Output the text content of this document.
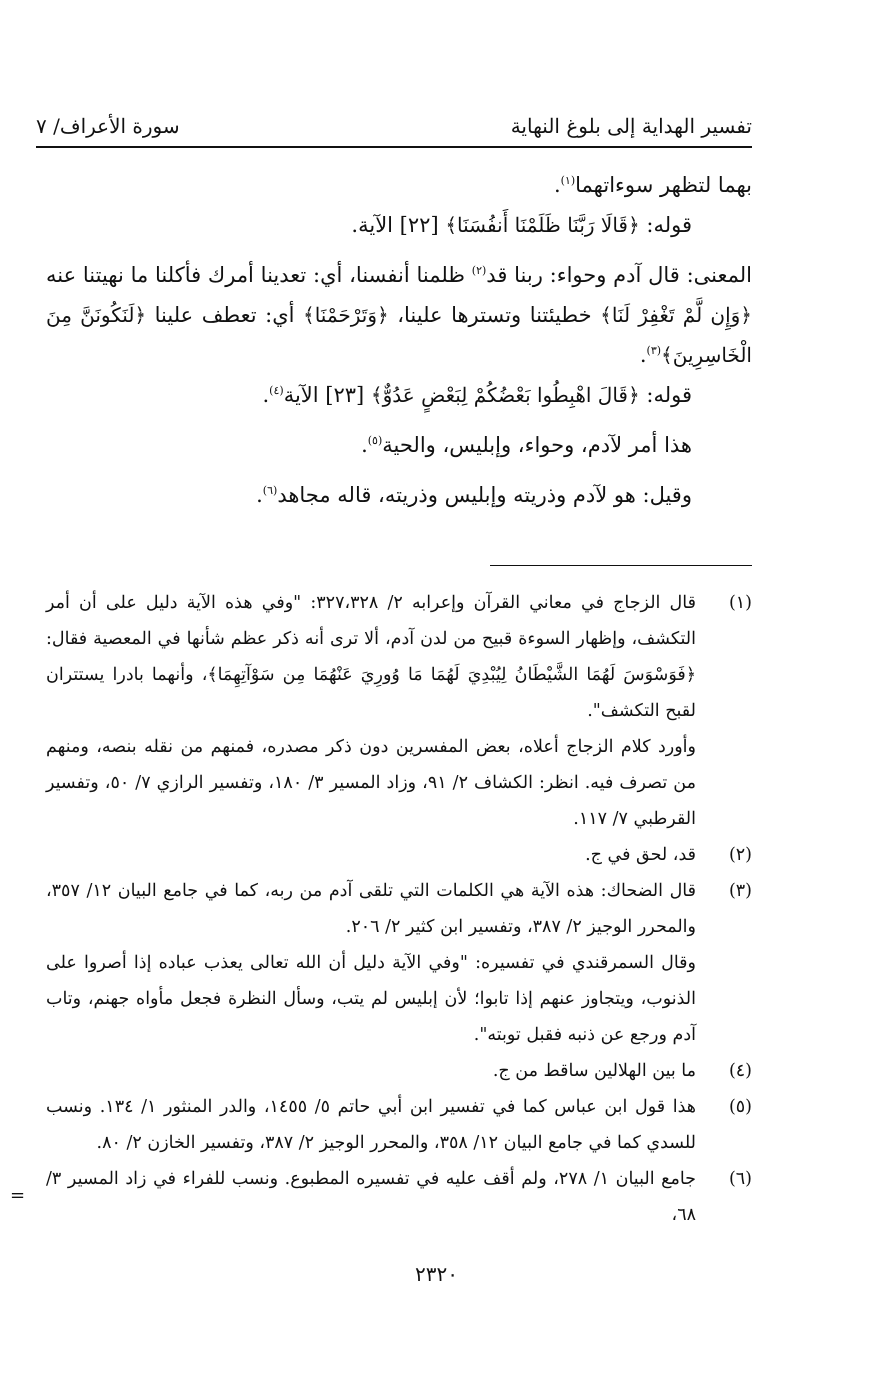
تفسير الهداية إلى بلوغ النهاية
سورة الأعراف/ ٧

بهما لتظهر سوءاتهما$^{(١)}$.

قوله: ﴿قَالَا رَبَّنَا ظَلَمْنَا أَنفُسَنَا﴾ [٢٢] الآية.

المعنى: قال آدم وحواء: ربنا قد$^{(٢)}$ ظلمنا أنفسنا، أي: تعدينا أمرك فأكلنا ما نهيتنا عنه ﴿وَإِن لَّمْ تَغْفِرْ لَنَا﴾ خطيئتنا وتسترها علينا، ﴿وَتَرْحَمْنَا﴾ أي: تعطف علينا ﴿لَنَكُونَنَّ مِنَ الْخَاسِرِينَ﴾$^{(٣)}$.

قوله: ﴿قَالَ اهْبِطُوا بَعْضُكُمْ لِبَعْضٍ عَدُوٌّ﴾ [٢٣] الآية$^{(٤)}$.

هذا أمر لآدم، وحواء، وإبليس، والحية$^{(٥)}$.

وقيل: هو لآدم وذريته وإبليس وذريته، قاله مجاهد$^{(٦)}$.

(١)

قال الزجاج في معاني القرآن وإعرابه ٢/ ٣٢٧،٣٢٨: "وفي هذه الآية دليل على أن أمر التكشف، وإظهار السوءة قبيح من لدن آدم، ألا ترى أنه ذكر عظم شأنها في المعصية فقال: ﴿فَوَسْوَسَ لَهُمَا الشَّيْطَانُ لِيُبْدِيَ لَهُمَا مَا وُورِيَ عَنْهُمَا مِن سَوْآتِهِمَا﴾، وأنهما بادرا يستتران لقبح التكشف".

وأورد كلام الزجاج أعلاه، بعض المفسرين دون ذكر مصدره، فمنهم من نقله بنصه، ومنهم من تصرف فيه. انظر: الكشاف ٢/ ٩١، وزاد المسير ٣/ ١٨٠، وتفسير الرازي ٧/ ٥٠، وتفسير القرطبي ٧/ ١١٧.

(٢)

قد، لحق في ج.

(٣)

قال الضحاك: هذه الآية هي الكلمات التي تلقى آدم من ربه، كما في جامع البيان ١٢/ ٣٥٧، والمحرر الوجيز ٢/ ٣٨٧، وتفسير ابن كثير ٢/ ٢٠٦.

وقال السمرقندي في تفسيره: "وفي الآية دليل أن الله تعالى يعذب عباده إذا أصروا على الذنوب، ويتجاوز عنهم إذا تابوا؛ لأن إبليس لم يتب، وسأل النظرة فجعل مأواه جهنم، وتاب آدم ورجع عن ذنبه فقبل توبته".

(٤)

ما بين الهلالين ساقط من ج.

(٥)

هذا قول ابن عباس كما في تفسير ابن أبي حاتم ٥/ ١٤٥٥، والدر المنثور ١/ ١٣٤. ونسب للسدي كما في جامع البيان ١٢/ ٣٥٨، والمحرر الوجيز ٢/ ٣٨٧، وتفسير الخازن ٢/ ٨٠.

(٦)

جامع البيان ١/ ٢٧٨، ولم أقف عليه في تفسيره المطبوع. ونسب للفراء في زاد المسير ٣/ ٦٨،

=
٢٣٢٠
